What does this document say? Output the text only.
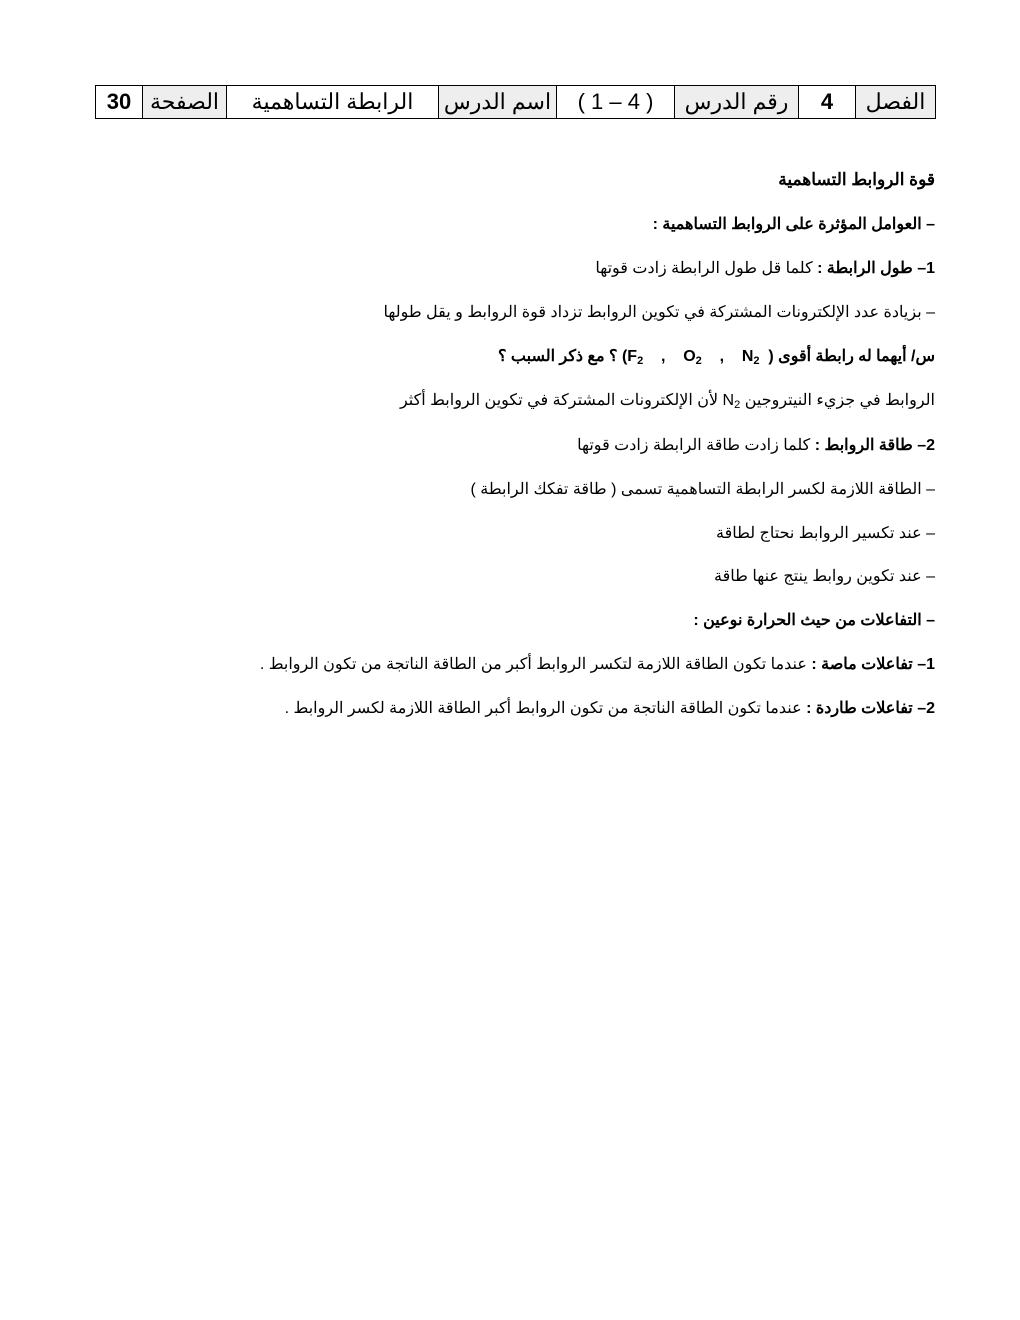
الفصل	4	رقم الدرس	( 4 – 1 )	اسم الدرس	الرابطة التساهمية	الصفحة	30
قوة الروابط التساهمية
– العوامل المؤثرة على الروابط التساهمية :
1– طول الرابطة : كلما قل طول الرابطة زادت قوتها
– بزيادة عدد الإلكترونات المشتركة في تكوين الروابط تزداد قوة الروابط و يقل طولها
س/ أيهما له رابطة أقوى ( $F_2$ , $O_2$ , $N_2$ ) ؟ مع ذكر السبب ؟
الروابط في جزيء النيتروجين $N_2$ لأن الإلكترونات المشتركة في تكوين الروابط أكثر
2– طاقة الروابط : كلما زادت طاقة الرابطة زادت قوتها
– الطاقة اللازمة لكسر الرابطة التساهمية تسمى ( طاقة تفكك الرابطة )
– عند تكسير الروابط نحتاج لطاقة
– عند تكوين روابط ينتج عنها طاقة
– التفاعلات من حيث الحرارة نوعين :
1– تفاعلات ماصة : عندما تكون الطاقة اللازمة لتكسر الروابط أكبر من الطاقة الناتجة من تكون الروابط .
2– تفاعلات طاردة : عندما تكون الطاقة الناتجة من تكون الروابط أكبر الطاقة اللازمة لكسر الروابط .
